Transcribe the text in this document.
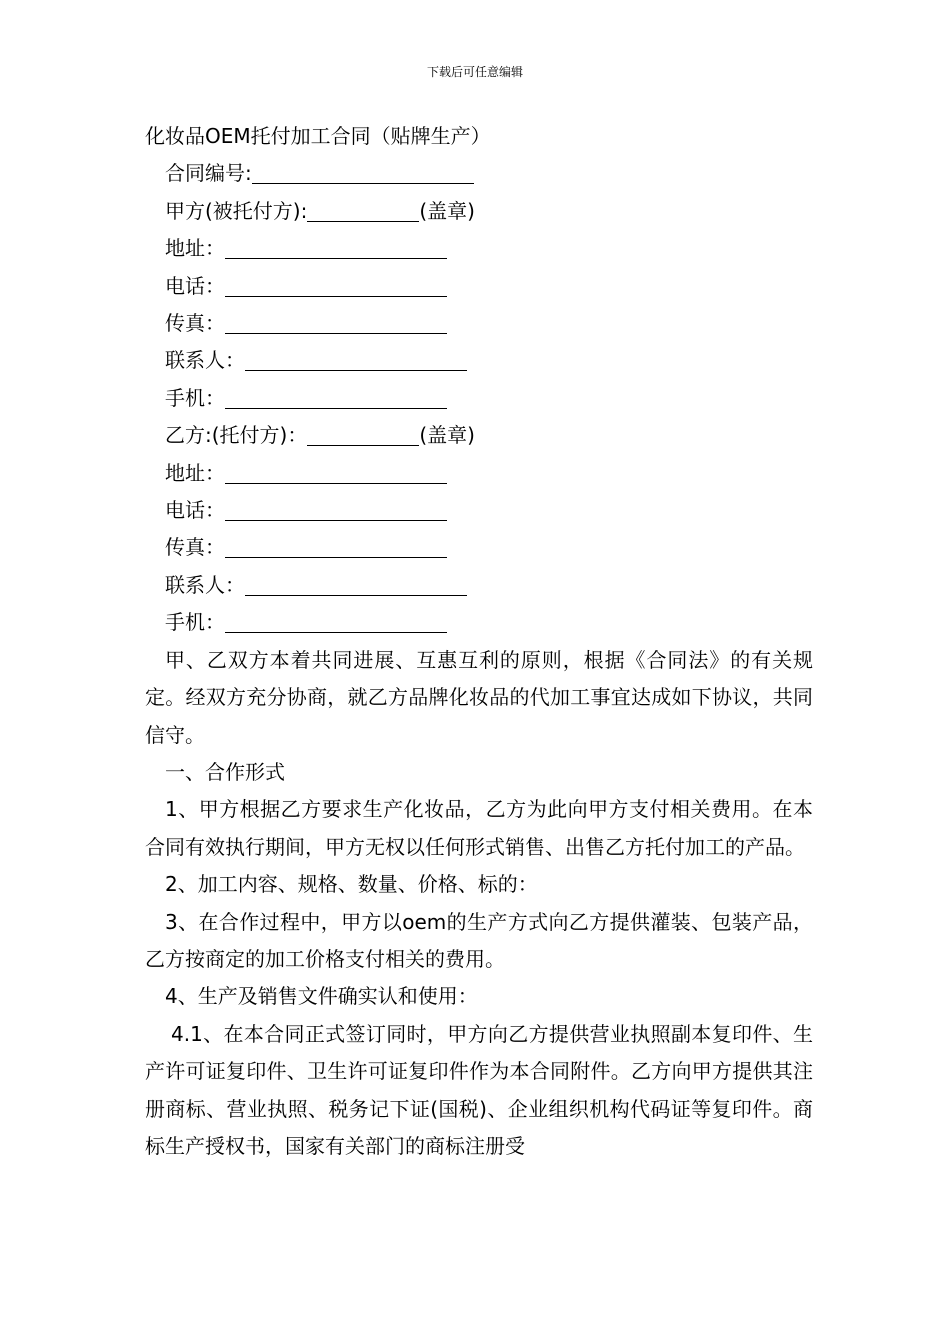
下载后可任意编辑
化妆品OEM托付加工合同（贴牌生产）
合同编号:
甲方(被托付方):	(盖章)
地址：
电话：
传真：
联系人：
手机：
乙方:(托付方)：	(盖章)
地址：
电话：
传真：
联系人：
手机：
甲、乙双方本着共同进展、互惠互利的原则，根据《合同法》的有关规定。经双方充分协商，就乙方品牌化妆品的代加工事宜达成如下协议，共同信守。
一、合作形式
1、甲方根据乙方要求生产化妆品，乙方为此向甲方支付相关费用。在本合同有效执行期间，甲方无权以任何形式销售、出售乙方托付加工的产品。
2、加工内容、规格、数量、价格、标的：
3、在合作过程中，甲方以oem的生产方式向乙方提供灌装、包装产品，乙方按商定的加工价格支付相关的费用。
4、生产及销售文件确实认和使用：
4.1、在本合同正式签订同时，甲方向乙方提供营业执照副本复印件、生产许可证复印件、卫生许可证复印件作为本合同附件。乙方向甲方提供其注册商标、营业执照、税务记下证(国税)、企业组织机构代码证等复印件。商标生产授权书，国家有关部门的商标注册受
